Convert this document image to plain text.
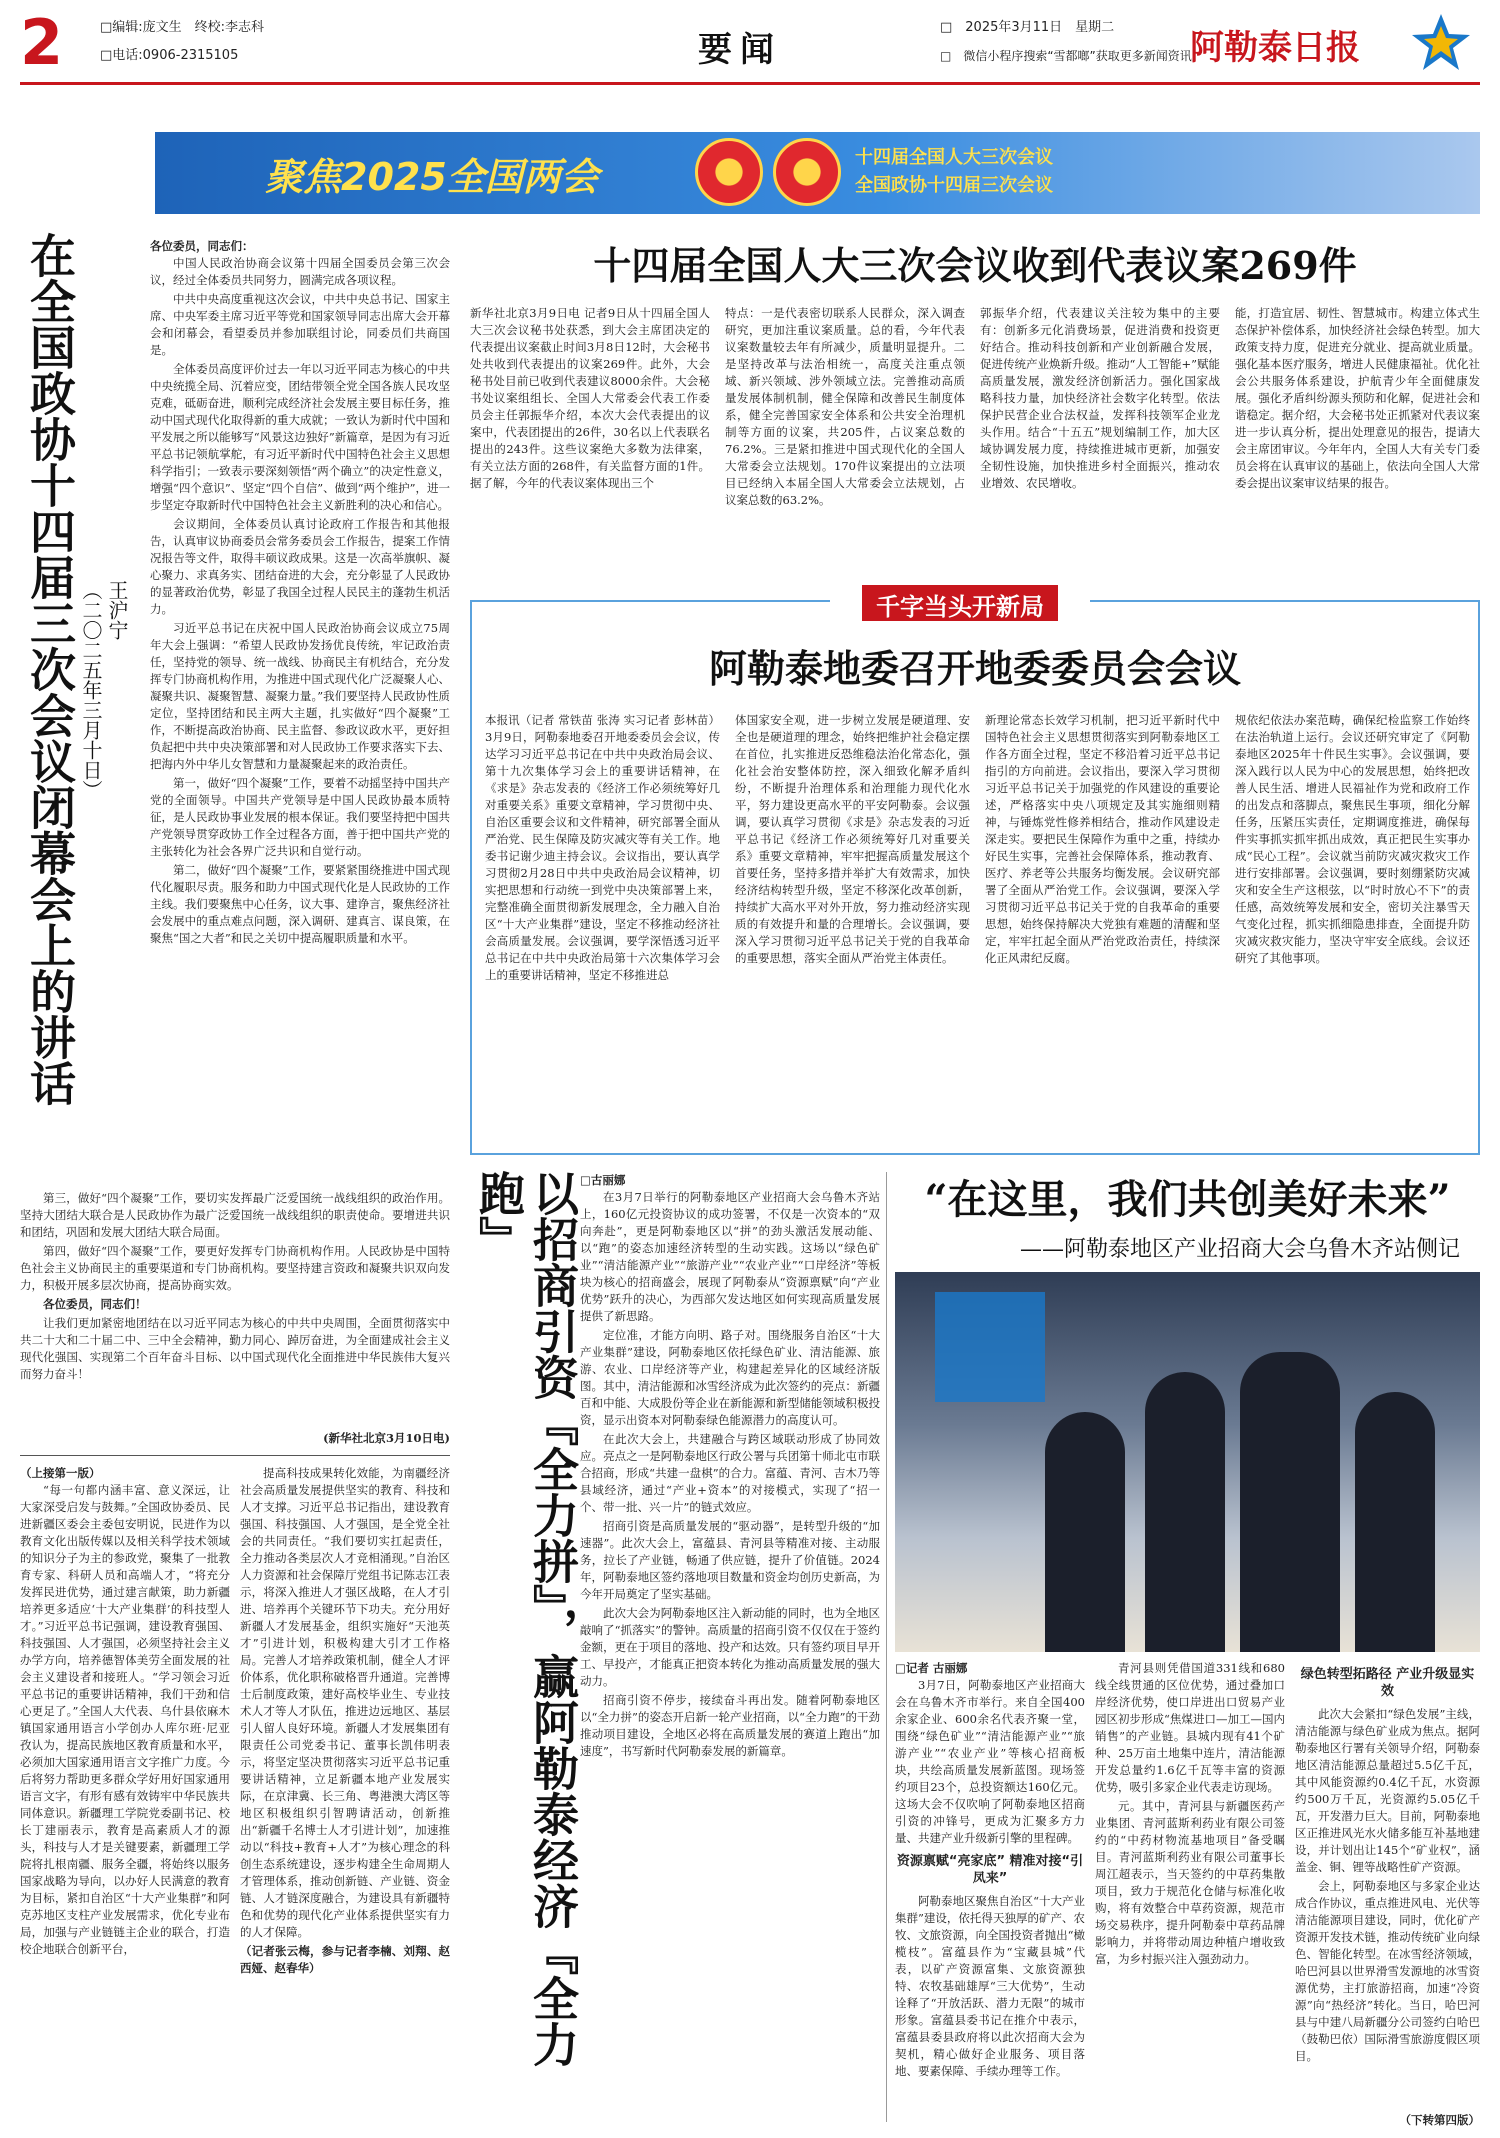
2	□编辑:庞文生　终校:李志科
□电话:0906-2315105	要闻
□　2025年3月11日　星期二
□　微信小程序搜索“雪都啷”获取更多新闻资讯
阿勒泰日报
聚焦2025全国两会	十四届全国人大三次会议
全国政协十四届三次会议
在全国政协十四届三次会议闭幕会上的讲话 （二〇二五年三月十日） 王沪宁
各位委员，同志们：

中国人民政治协商会议第十四届全国委员会第三次会议，经过全体委员共同努力，圆满完成各项议程。

中共中央高度重视这次会议，中共中央总书记、国家主席、中央军委主席习近平等党和国家领导同志出席大会开幕会和闭幕会，看望委员并参加联组讨论，同委员们共商国是。

全体委员高度评价过去一年以习近平同志为核心的中共中央统揽全局、沉着应变，团结带领全党全国各族人民攻坚克难，砥砺奋进，顺利完成经济社会发展主要目标任务，推动中国式现代化取得新的重大成就；一致认为新时代中国和平发展之所以能够写“风景这边独好”新篇章，是因为有习近平总书记领航掌舵，有习近平新时代中国特色社会主义思想科学指引；一致表示要深刻领悟“两个确立”的决定性意义，增强“四个意识”、坚定“四个自信”、做到“两个维护”，进一步坚定夺取新时代中国特色社会主义新胜利的决心和信心。

会议期间，全体委员认真讨论政府工作报告和其他报告，认真审议协商委员会常务委员会工作报告，提案工作情况报告等文件，取得丰硕议政成果。这是一次高举旗帜、凝心聚力、求真务实、团结奋进的大会，充分彰显了人民政协的显著政治优势，彰显了我国全过程人民民主的蓬勃生机活力。

习近平总书记在庆祝中国人民政治协商会议成立75周年大会上强调：“希望人民政协发扬优良传统，牢记政治责任，坚持党的领导、统一战线、协商民主有机结合，充分发挥专门协商机构作用，为推进中国式现代化广泛凝聚人心、凝聚共识、凝聚智慧、凝聚力量。”我们要坚持人民政协性质定位，坚持团结和民主两大主题，扎实做好“四个凝聚”工作，不断提高政治协商、民主监督、参政议政水平，更好担负起把中共中央决策部署和对人民政协工作要求落实下去、把海内外中华儿女智慧和力量凝聚起来的政治责任。

第一，做好“四个凝聚”工作，要着不动摇坚持中国共产党的全面领导。中国共产党领导是中国人民政协最本质特征，是人民政协事业发展的根本保证。我们要坚持把中国共产党领导贯穿政协工作全过程各方面，善于把中国共产党的主张转化为社会各界广泛共识和自觉行动。

第二，做好“四个凝聚”工作，要紧紧围绕推进中国式现代化履职尽责。服务和助力中国式现代化是人民政协的工作主线。我们要聚焦中心任务，议大事、建诤言，聚焦经济社会发展中的重点难点问题，深入调研、建真言、谋良策，在聚焦“国之大者”和民之关切中提高履职质量和水平。

第三，做好“四个凝聚”工作，要切实发挥最广泛爱国统一战线组织的政治作用。坚持大团结大联合是人民政协作为最广泛爱国统一战线组织的职责使命。要增进共识和团结，巩固和发展大团结大联合局面。

第四，做好“四个凝聚”工作，要更好发挥专门协商机构作用。人民政协是中国特色社会主义协商民主的重要渠道和专门协商机构。要坚持建言资政和凝聚共识双向发力，积极开展多层次协商，提高协商实效。

各位委员，同志们！

让我们更加紧密地团结在以习近平同志为核心的中共中央周围，全面贯彻落实中共二十大和二十届二中、三中全会精神，勤力同心、踔厉奋进，为全面建成社会主义现代化强国、实现第二个百年奋斗目标、以中国式现代化全面推进中华民族伟大复兴而努力奋斗！

(新华社北京3月10日电)
（上接第一版）

“每一句都内涵丰富、意义深远，让大家深受启发与鼓舞。”全国政协委员、民进新疆区委会主委包安明说，民进作为以教育文化出版传媒以及相关科学技术领域的知识分子为主的参政党，聚集了一批教育专家、科研人员和高端人才，“将充分发挥民进优势，通过建言献策，助力新疆培养更多适应‘十大产业集群’的科技型人才。”习近平总书记强调，建设教育强国、科技强国、人才强国，必须坚持社会主义办学方向，培养德智体美劳全面发展的社会主义建设者和接班人。“学习领会习近平总书记的重要讲话精神，我们干劲和信心更足了。”全国人大代表、乌什县依麻木镇国家通用语言小学创办人库尔班·尼亚孜认为，提高民族地区教育质量和水平，必须加大国家通用语言文字推广力度。今后将努力帮助更多群众学好用好国家通用语言文字，有形有感有效铸牢中华民族共同体意识。新疆理工学院党委副书记、校长丁建丽表示，教育是高素质人才的源头，科技与人才是关键要素，新疆理工学院将扎根南疆、服务全疆，将始终以服务国家战略为导向，以办好人民满意的教育为目标，紧扣自治区“十大产业集群”和阿克苏地区支柱产业发展需求，优化专业布局，加强与产业链链主企业的联合，打造校企地联合创新平台，

提高科技成果转化效能，为南疆经济社会高质量发展提供坚实的教育、科技和人才支撑。习近平总书记指出，建设教育强国、科技强国、人才强国，是全党全社会的共同责任。“我们要切实扛起责任，全力推动各类层次人才竞相涌现。”自治区人力资源和社会保障厅党组书记陈志江表示，将深入推进人才强区战略，在人才引进、培养再个关键环节下功夫。充分用好新疆人才发展基金，组织实施好“天池英才”引进计划，积极构建大引才工作格局。完善人才培养政策机制，健全人才评价体系，优化职称破格晋升通道。完善博士后制度政策，建好高校毕业生、专业技术人才等人才队伍，推进边远地区、基层引人留人良好环境。新疆人才发展集团有限责任公司党委书记、董事长凯伟明表示，将坚定坚决贯彻落实习近平总书记重要讲话精神，立足新疆本地产业发展实际，在京津冀、长三角、粤港澳大湾区等地区积极组织引智聘请活动，创新推出“新疆千名博士人才引进计划”，加速推动以“科技+教育+人才”为核心理念的科创生态系统建设，逐步构建全生命周期人才管理体系，推动创新链、产业链、资金链、人才链深度融合，为建设具有新疆特色和优势的现代化产业体系提供坚实有力的人才保障。

（记者张云梅，参与记者李楠、刘翔、赵西娅、赵春华）
十四届全国人大三次会议收到代表议案269件
新华社北京3月9日电 记者9日从十四届全国人大三次会议秘书处获悉，到大会主席团决定的代表提出议案截止时间3月8日12时，大会秘书处共收到代表提出的议案269件。此外，大会秘书处目前已收到代表建议8000余件。大会秘书处议案组组长、全国人大常委会代表工作委员会主任郭振华介绍，本次大会代表提出的议案中，代表团提出的26件，30名以上代表联名提出的243件。这些议案绝大多数为法律案，有关立法方面的268件，有关监督方面的1件。据了解，今年的代表议案体现出三个
特点：一是代表密切联系人民群众，深入调查研究，更加注重议案质量。总的看，今年代表议案数量较去年有所减少，质量明显提升。二是坚持改革与法治相统一，高度关注重点领域、新兴领域、涉外领域立法。完善推动高质量发展体制机制，健全保障和改善民生制度体系，健全完善国家安全体系和公共安全治理机制等方面的议案，共205件，占议案总数的76.2%。三是紧扣推进中国式现代化的全国人大常委会立法规划。170件议案提出的立法项目已经纳入本届全国人大常委会立法规划，占议案总数的63.2%。
郭振华介绍，代表建议关注较为集中的主要有：创新多元化消费场景，促进消费和投资更好结合。推动科技创新和产业创新融合发展，促进传统产业焕新升级。推动“人工智能+”赋能高质量发展，激发经济创新活力。强化国家战略科技力量，加快经济社会数字化转型。依法保护民营企业合法权益，发挥科技领军企业龙头作用。结合“十五五”规划编制工作，加大区域协调发展力度，持续推进城市更新，加强安全韧性设施，加快推进乡村全面振兴，推动农业增效、农民增收。
能，打造宜居、韧性、智慧城市。构建立体式生态保护补偿体系，加快经济社会绿色转型。加大政策支持力度，促进充分就业、提高就业质量。强化基本医疗服务，增进人民健康福祉。优化社会公共服务体系建设，护航青少年全面健康发展。强化矛盾纠纷源头预防和化解，促进社会和谐稳定。据介绍，大会秘书处正抓紧对代表议案进一步认真分析，提出处理意见的报告，提请大会主席团审议。今年年内，全国人大有关专门委员会将在认真审议的基础上，依法向全国人大常委会提出议案审议结果的报告。
千字当头开新局
阿勒泰地委召开地委委员会会议
本报讯（记者 常铁苗 张涛 实习记者 彭林苗）3月9日，阿勒泰地委召开地委委员会会议，传达学习习近平总书记在中共中央政治局会议、第十九次集体学习会上的重要讲话精神，在《求是》杂志发表的《经济工作必须统筹好几对重要关系》重要文章精神，学习贯彻中央、自治区重要会议和文件精神，研究部署全面从严治党、民生保障及防灾减灾等有关工作。地委书记谢少迪主持会议。会议指出，要认真学习贯彻2月28日中共中央政治局会议精神，切实把思想和行动统一到党中央决策部署上来，完整准确全面贯彻新发展理念，全力融入自治区“十大产业集群”建设，坚定不移推动经济社会高质量发展。会议强调，要学深悟透习近平总书记在中共中央政治局第十六次集体学习会上的重要讲话精神，坚定不移推进总
体国家安全观，进一步树立发展是硬道理、安全也是硬道理的理念，始终把维护社会稳定摆在首位，扎实推进反恐维稳法治化常态化，强化社会治安整体防控，深入细致化解矛盾纠纷，不断提升治理体系和治理能力现代化水平，努力建设更高水平的平安阿勒泰。会议强调，要认真学习贯彻《求是》杂志发表的习近平总书记《经济工作必须统筹好几对重要关系》重要文章精神，牢牢把握高质量发展这个首要任务，坚持多措并举扩大有效需求，加快经济结构转型升级，坚定不移深化改革创新，持续扩大高水平对外开放，努力推动经济实现质的有效提升和量的合理增长。会议强调，要深入学习贯彻习近平总书记关于党的自我革命的重要思想，落实全面从严治党主体责任。
新理论常态长效学习机制，把习近平新时代中国特色社会主义思想贯彻落实到阿勒泰地区工作各方面全过程，坚定不移沿着习近平总书记指引的方向前进。会议指出，要深入学习贯彻习近平总书记关于加强党的作风建设的重要论述，严格落实中央八项规定及其实施细则精神，与锤炼党性修养相结合，推动作风建设走深走实。要把民生保障作为重中之重，持续办好民生实事，完善社会保障体系，推动教育、医疗、养老等公共服务均衡发展。会议研究部署了全面从严治党工作。会议强调，要深入学习贯彻习近平总书记关于党的自我革命的重要思想，始终保持解决大党独有难题的清醒和坚定，牢牢扛起全面从严治党政治责任，持续深化正风肃纪反腐。
规依纪依法办案范畴，确保纪检监察工作始终在法治轨道上运行。会议还研究审定了《阿勒泰地区2025年十件民生实事》。会议强调，要深入践行以人民为中心的发展思想，始终把改善人民生活、增进人民福祉作为党和政府工作的出发点和落脚点，聚焦民生事项，细化分解任务，压紧压实责任，定期调度推进，确保每件实事抓实抓牢抓出成效，真正把民生实事办成“民心工程”。会议就当前防灾减灾救灾工作进行安排部署。会议强调，要时刻绷紧防灾减灾和安全生产这根弦，以“时时放心不下”的责任感，高效统筹发展和安全，密切关注暴雪天气变化过程，抓实抓细隐患排查，全面提升防灾减灾救灾能力，坚决守牢安全底线。会议还研究了其他事项。
以招商引资『全力拼』，赢阿勒泰经济『全力跑』	□古丽娜

在3月7日举行的阿勒泰地区产业招商大会乌鲁木齐站上，160亿元投资协议的成功签署，不仅是一次资本的“双向奔赴”，更是阿勒泰地区以“拼”的劲头激活发展动能、以“跑”的姿态加速经济转型的生动实践。这场以“绿色矿业”“清洁能源产业”“旅游产业”“农业产业”“口岸经济”等板块为核心的招商盛会，展现了阿勒泰从“资源禀赋”向“产业优势”跃升的决心，为西部欠发达地区如何实现高质量发展提供了新思路。

定位准，才能方向明、路子对。围绕服务自治区“十大产业集群”建设，阿勒泰地区依托绿色矿业、清洁能源、旅游、农业、口岸经济等产业，构建起差异化的区域经济版图。其中，清洁能源和冰雪经济成为此次签约的亮点：新疆百和中能、大成股份等企业在新能源和新型储能领域积极投资，显示出资本对阿勒泰绿色能源潜力的高度认可。

在此次大会上，共建融合与跨区域联动形成了协同效应。亮点之一是阿勒泰地区行政公署与兵团第十师北屯市联合招商，形成“共建一盘棋”的合力。富蕴、青河、吉木乃等县域经济，通过“产业+资本”的对接模式，实现了“招一个、带一批、兴一片”的链式效应。

招商引资是高质量发展的“驱动器”，是转型升级的“加速器”。此次大会上，富蕴县、青河县等精准对接、主动服务，拉长了产业链，畅通了供应链，提升了价值链。2024年，阿勒泰地区签约落地项目数量和资金均创历史新高，为今年开局奠定了坚实基础。

此次大会为阿勒泰地区注入新动能的同时，也为全地区敲响了“抓落实”的警钟。高质量的招商引资不仅仅在于签约金额，更在于项目的落地、投产和达效。只有签约项目早开工、早投产，才能真正把资本转化为推动高质量发展的强大动力。

招商引资不停步，接续奋斗再出发。随着阿勒泰地区以“全力拼”的姿态开启新一轮产业招商，以“全力跑”的干劲推动项目建设，全地区必将在高质量发展的赛道上跑出“加速度”，书写新时代阿勒泰发展的新篇章。

“在这里，我们共创美好未来”
——阿勒泰地区产业招商大会乌鲁木齐站侧记
□记者 古丽娜

3月7日，阿勒泰地区产业招商大会在乌鲁木齐市举行。来自全国400余家企业、600余名代表齐聚一堂，围绕“绿色矿业”“清洁能源产业”“旅游产业”“农业产业”等核心招商板块，共绘高质量发展新蓝图。现场签约项目23个，总投资额达160亿元。这场大会不仅吹响了阿勒泰地区招商引资的冲锋号，更成为汇聚多方力量、共建产业升级新引擎的里程碑。

资源禀赋“亮家底” 精准对接“引凤来”

阿勒泰地区聚焦自治区“十大产业集群”建设，依托得天独厚的矿产、农牧、文旅资源，向全国投资者抛出“橄榄枝”。富蕴县作为“宝藏县城”代表，以矿产资源富集、文旅资源独特、农牧基础雄厚“三大优势”，生动诠释了“开放活跃、潜力无限”的城市形象。富蕴县委书记在推介中表示，富蕴县委县政府将以此次招商大会为契机，精心做好企业服务、项目落地、要素保障、手续办理等工作。

青河县则凭借国道331线和680线全线贯通的区位优势，通过叠加口岸经济优势，使口岸进出口贸易产业园区初步形成“焦煤进口—加工—国内销售”的产业链。县城内现有41个矿种、25万亩土地集中连片，清洁能源开发总量约1.6亿千瓦等丰富的资源优势，吸引多家企业代表走访现场。

元。其中，青河县与新疆医药产业集团、青河蓝斯利药业有限公司签约的“中药材物流基地项目”备受瞩目。青河蓝斯利药业有限公司董事长周江超表示，当天签约的中草药集散项目，致力于规范化仓储与标准化收购，将有效整合中草药资源，规范市场交易秩序，提升阿勒泰中草药品牌影响力，并将带动周边种植户增收致富，为乡村振兴注入强劲动力。

绿色转型拓路径 产业升级显实效

此次大会紧扣“绿色发展”主线，清洁能源与绿色矿业成为焦点。据阿勒泰地区行署有关领导介绍，阿勒泰地区清洁能源总量超过5.5亿千瓦，其中风能资源约0.4亿千瓦，水资源约500万千瓦，光资源约5.05亿千瓦，开发潜力巨大。目前，阿勒泰地区正推进风光水火储多能互补基地建设，并计划出让145个“矿业权”，涵盖金、铜、锂等战略性矿产资源。

会上，阿勒泰地区与多家企业达成合作协议，重点推进风电、光伏等清洁能源项目建设，同时，优化矿产资源开发技术链，推动传统矿业向绿色、智能化转型。在冰雪经济领域，哈巴河县以世界滑雪发源地的冰雪资源优势，主打旅游招商，加速“冷资源”向“热经济”转化。当日，哈巴河县与中建八局新疆分公司签约白哈巴（鼓勒巴依）国际滑雪旅游度假区项目。

（下转第四版）
